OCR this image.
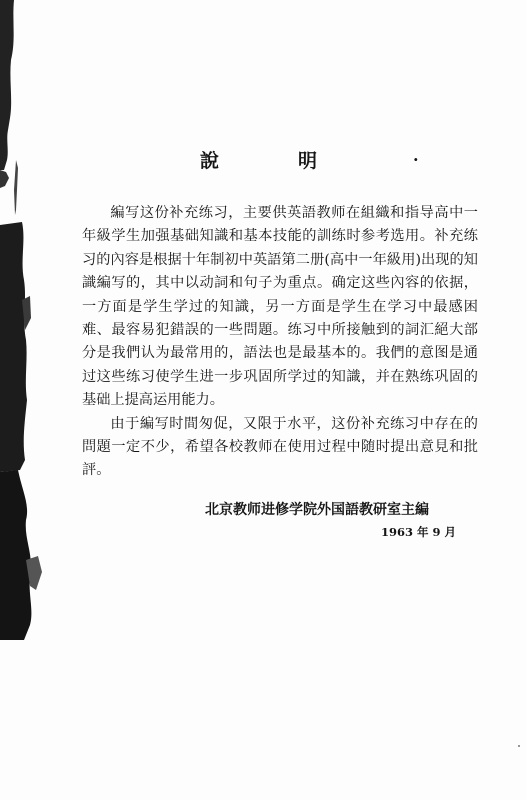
說　明	·

編写这份补充练习，主要供英語教师在組織和指导高中一年級学生加强基础知識和基本技能的訓练时参考选用。补充练习的內容是根据十年制初中英語第二册(高中一年級用)出现的知識編写的，其中以动詞和句子为重点。确定这些內容的依据，一方面是学生学过的知識，另一方面是学生在学习中最感困难、最容易犯錯誤的一些問題。练习中所接触到的詞汇絕大部分是我們认为最常用的，語法也是最基本的。我們的意图是通过这些练习使学生进一步巩固所学过的知識，并在熟练巩固的基础上提高运用能力。

由于編写时間匆促，又限于水平，这份补充练习中存在的問題一定不少，希望各校教师在使用过程中随时提出意見和批評。

北京教师进修学院外国語教研室主編
1963 年 9 月
